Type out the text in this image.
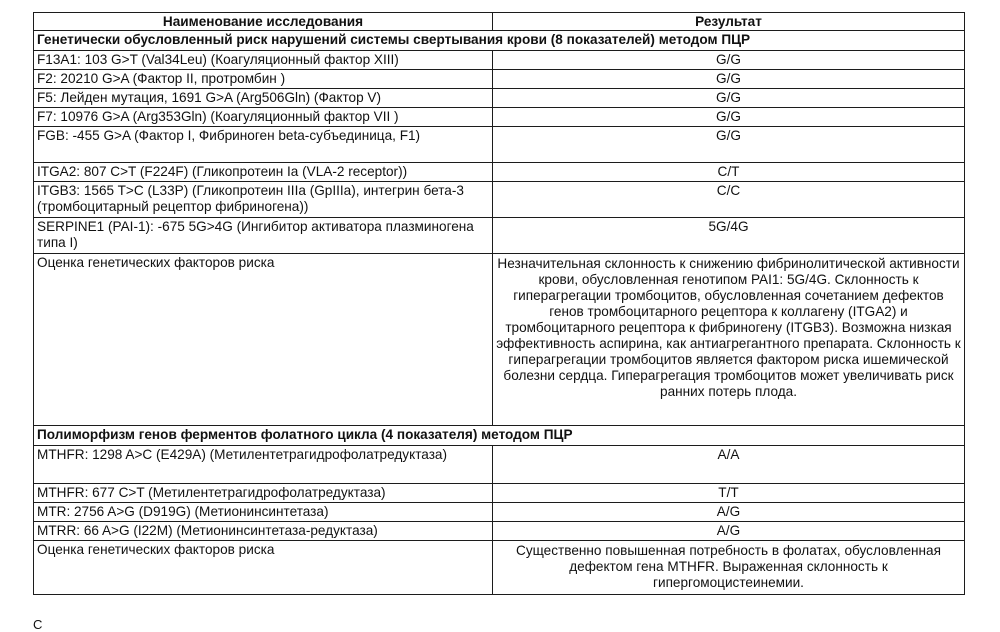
Наименование исследования	Результат
Генетически обусловленный риск нарушений системы свертывания крови (8 показателей) методом ПЦР	
F13A1: 103 G>T (Val34Leu) (Коагуляционный фактор XIII)	G/G
F2: 20210 G>A (Фактор II, протромбин )	G/G
F5: Лейден мутация, 1691 G>A (Arg506Gln) (Фактор V)	G/G
F7: 10976 G>A (Arg353Gln) (Коагуляционный фактор VII )	G/G
FGB: -455 G>A (Фактор I, Фибриноген beta-субъединица, F1)	G/G
ITGA2: 807 C>T (F224F) (Гликопротеин Ia (VLA-2 receptor))	C/T
ITGB3: 1565 T>C (L33P) (Гликопротеин IIIa (GpIIIa), интегрин бета-3 (тромбоцитарный рецептор фибриногена))	C/C
SERPINE1 (PAI-1): -675 5G>4G (Ингибитор активатора плазминогена типа I)	5G/4G
Оценка генетических факторов риска	Незначительная склонность к снижению фибринолитической активности крови, обусловленная генотипом PAI1: 5G/4G. Склонность к гиперагрегации тромбоцитов, обусловленная сочетанием дефектов генов тромбоцитарного рецептора к коллагену (ITGA2) и тромбоцитарного рецептора к фибриногену (ITGB3). Возможна низкая эффективность аспирина, как антиагрегантного препарата. Склонность к гиперагрегации тромбоцитов является фактором риска ишемической болезни сердца. Гиперагрегация тромбоцитов может увеличивать риск ранних потерь плода.
Полиморфизм генов ферментов фолатного цикла (4 показателя) методом ПЦР	
MTHFR: 1298 A>C (E429A) (Метилентетрагидрофолатредуктаза)	A/A
MTHFR: 677 C>T (Метилентетрагидрофолатредуктаза)	T/T
MTR: 2756 A>G (D919G) (Метионинсинтетаза)	A/G
MTRR: 66 A>G (I22M) (Метионинсинтетаза-редуктаза)	A/G
Оценка генетических факторов риска	Существенно повышенная потребность в фолатах, обусловленная дефектом гена MTHFR. Выраженная склонность к гипергомоцистеинемии.
С
